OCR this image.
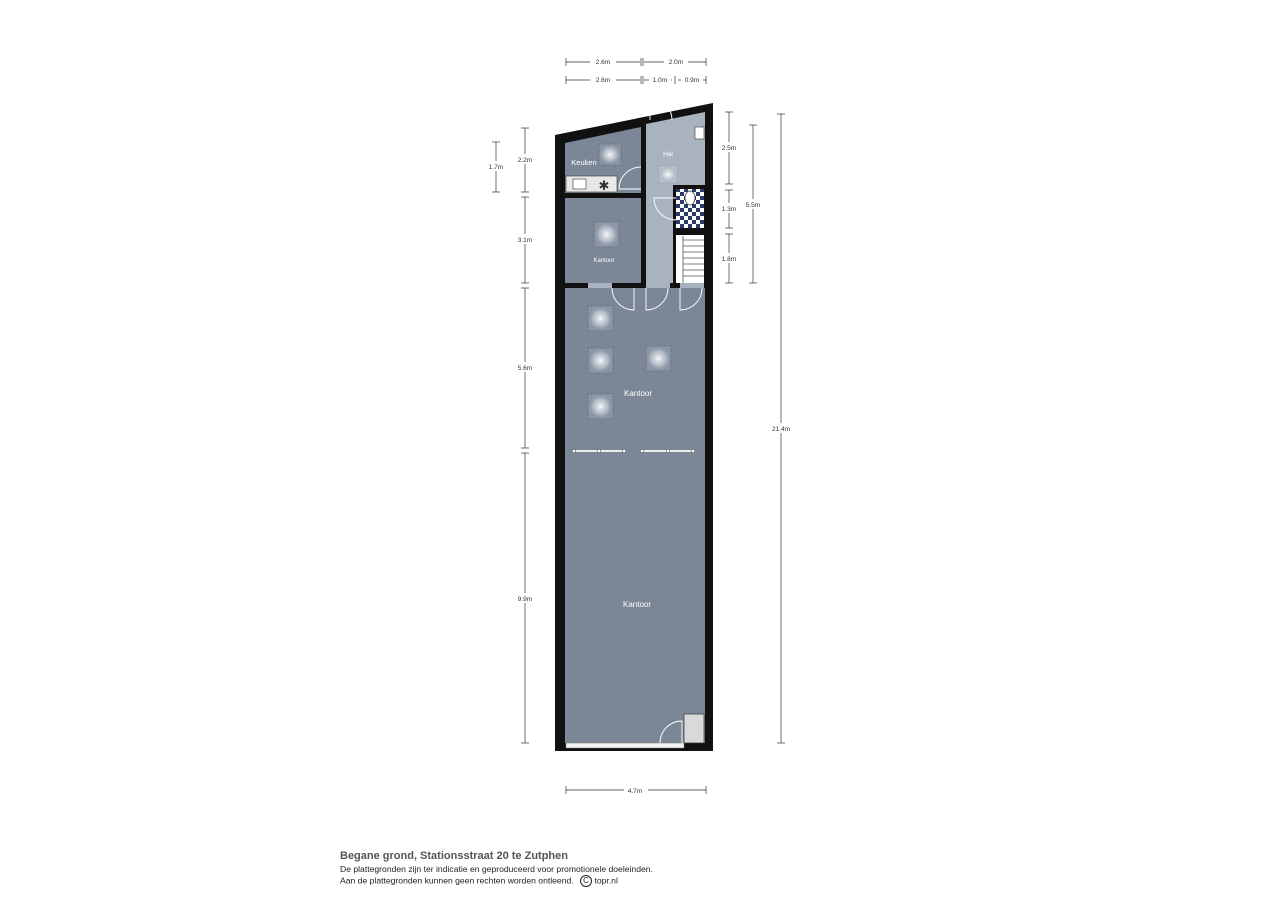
✱
Keuken
Hal
Kantoor
Kantoor
Kantoor
2.6m	2.0m
2.6m	1.0m	0.9m
2.2m
1.7m
3.1m
5.6m
9.9m
2.5m
1.3m
1.8m
5.5m
21.4m
4.7m
Begane grond, Stationsstraat 20 te Zutphen
De plattegronden zijn ter indicatie en geproduceerd voor promotionele doeleinden.
Aan de plattegronden kunnen geen rechten worden ontleend. C topr.nl
